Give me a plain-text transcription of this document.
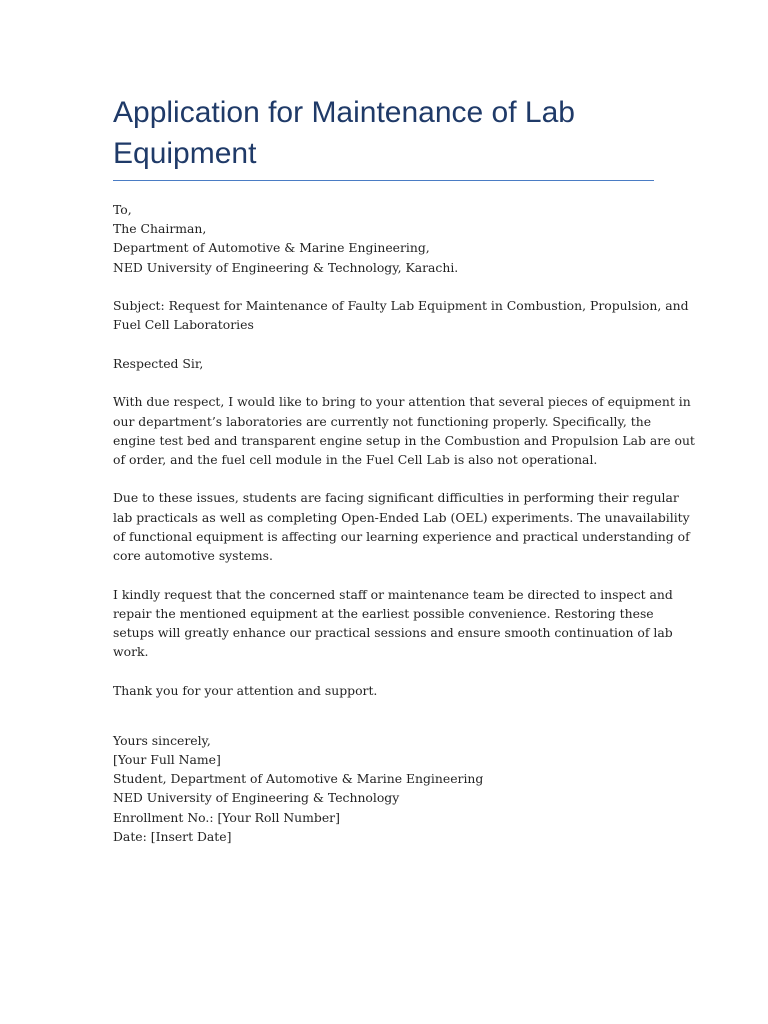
Application for Maintenance of Lab Equipment
To,
The Chairman,
Department of Automotive & Marine Engineering,
NED University of Engineering & Technology, Karachi.
Subject: Request for Maintenance of Faulty Lab Equipment in Combustion, Propulsion, and
Fuel Cell Laboratories
Respected Sir,
With due respect, I would like to bring to your attention that several pieces of equipment in
our department’s laboratories are currently not functioning properly. Specifically, the
engine test bed and transparent engine setup in the Combustion and Propulsion Lab are out
of order, and the fuel cell module in the Fuel Cell Lab is also not operational.
Due to these issues, students are facing significant difficulties in performing their regular
lab practicals as well as completing Open-Ended Lab (OEL) experiments. The unavailability
of functional equipment is affecting our learning experience and practical understanding of
core automotive systems.
I kindly request that the concerned staff or maintenance team be directed to inspect and
repair the mentioned equipment at the earliest possible convenience. Restoring these
setups will greatly enhance our practical sessions and ensure smooth continuation of lab
work.
Thank you for your attention and support.
Yours sincerely,
[Your Full Name]
Student, Department of Automotive & Marine Engineering
NED University of Engineering & Technology
Enrollment No.: [Your Roll Number]
Date: [Insert Date]
